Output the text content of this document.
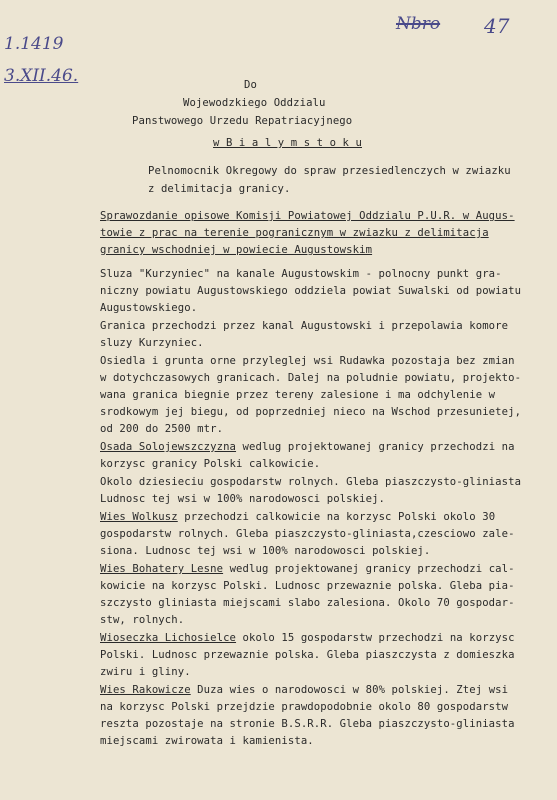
1.1419
3.XII.46.
Nbro 47
Do
Wojewodzkiego Oddzialu
Panstwowego Urzedu Repatriacyjnego
w B i a l y m s t o k u
Pelnomocnik Okregowy do spraw przesiedlenczych w zwiazku
z delimitacja granicy.
Sprawozdanie opisowe Komisji Powiatowej Oddzialu P.U.R. w Augus-
towie z prac na terenie pogranicznym w zwiazku z delimitacja
granicy wschodniej w powiecie Augustowskim
Sluza "Kurzyniec" na kanale Augustowskim - polnocny punkt gra-
niczny powiatu Augustowskiego oddziela powiat Suwalski od powiatu
Augustowskiego.
Granica przechodzi przez kanal Augustowski i przepolawia komore
sluzy Kurzyniec.
Osiedla i grunta orne przyleglej wsi Rudawka pozostaja bez zmian
w dotychczasowych granicach. Dalej na poludnie powiatu, projekto-
wana granica biegnie przez tereny zalesione i ma odchylenie w
srodkowym jej biegu, od poprzedniej nieco na Wschod przesunietej,
od 200 do 2500 mtr.
Osada Solojewszczyzna wedlug projektowanej granicy przechodzi na
korzysc granicy Polski calkowicie.
Okolo dziesieciu gospodarstw rolnych. Gleba piaszczysto-gliniasta
Ludnosc tej wsi w 100% narodowosci polskiej.
Wies Wolkusz przechodzi calkowicie na korzysc Polski okolo 30
gospodarstw rolnych. Gleba piaszczysto-gliniasta,czesciowo zale-
siona. Ludnosc tej wsi w 100% narodowosci polskiej.
Wies Bohatery Lesne wedlug projektowanej granicy przechodzi cal-
kowicie na korzysc Polski. Ludnosc przewaznie polska. Gleba pia-
szczysto gliniasta miejscami slabo zalesiona. Okolo 70 gospodar-
stw, rolnych.
Wioseczka Lichosielce okolo 15 gospodarstw przechodzi na korzysc
Polski. Ludnosc przewaznie polska. Gleba piaszczysta z domieszka
zwiru i gliny.
Wies Rakowicze Duza wies o narodowosci w 80% polskiej. Ztej wsi
na korzysc Polski przejdzie prawdopodobnie okolo 80 gospodarstw
reszta pozostaje na stronie B.S.R.R. Gleba piaszczysto-gliniasta
miejscami zwirowata i kamienista.
